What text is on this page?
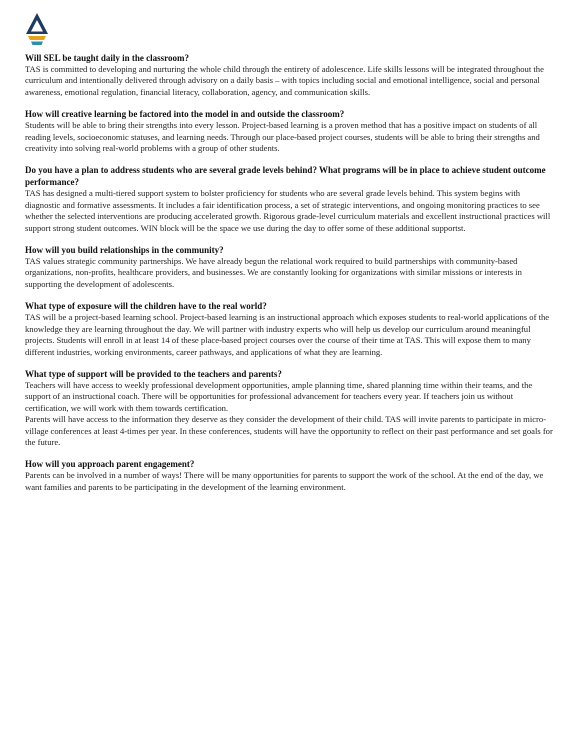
Will SEL be taught daily in the classroom?

TAS is committed to developing and nurturing the whole child through the entirety of adolescence. Life skills lessons will be integrated throughout the curriculum and intentionally delivered through advisory on a daily basis – with topics including social and emotional intelligence, social and personal awareness, emotional regulation, financial literacy, collaboration, agency, and communication skills.

How will creative learning be factored into the model in and outside the classroom?

Students will be able to bring their strengths into every lesson. Project-based learning is a proven method that has a positive impact on students of all reading levels, socioeconomic statuses, and learning needs. Through our place-based project courses, students will be able to bring their strengths and creativity into solving real-world problems with a group of other students.

Do you have a plan to address students who are several grade levels behind? What programs will be in place to achieve student outcome performance?

TAS has designed a multi-tiered support system to bolster proficiency for students who are several grade levels behind. This system begins with diagnostic and formative assessments. It includes a fair identification process, a set of strategic interventions, and ongoing monitoring practices to see whether the selected interventions are producing accelerated growth. Rigorous grade-level curriculum materials and excellent instructional practices will support strong student outcomes. WIN block will be the space we use during the day to offer some of these additional supportst.

How will you build relationships in the community?

TAS values strategic community partnerships. We have already begun the relational work required to build partnerships with community-based organizations, non-profits, healthcare providers, and businesses. We are constantly looking for organizations with similar missions or interests in supporting the development of adolescents.

What type of exposure will the children have to the real world?

TAS will be a project-based learning school. Project-based learning is an instructional approach which exposes students to real-world applications of the knowledge they are learning throughout the day. We will partner with industry experts who will help us develop our curriculum around meaningful projects. Students will enroll in at least 14 of these place-based project courses over the course of their time at TAS. This will expose them to many different industries, working environments, career pathways, and applications of what they are learning.

What type of support will be provided to the teachers and parents?

Teachers will have access to weekly professional development opportunities, ample planning time, shared planning time within their teams, and the support of an instructional coach. There will be opportunities for professional advancement for teachers every year. If teachers join us without certification, we will work with them towards certification.

Parents will have access to the information they deserve as they consider the development of their child. TAS will invite parents to participate in micro-village conferences at least 4-times per year. In these conferences, students will have the opportunity to reflect on their past performance and set goals for the future.

How will you approach parent engagement?

Parents can be involved in a number of ways! There will be many opportunities for parents to support the work of the school. At the end of the day, we want families and parents to be participating in the development of the learning environment.
